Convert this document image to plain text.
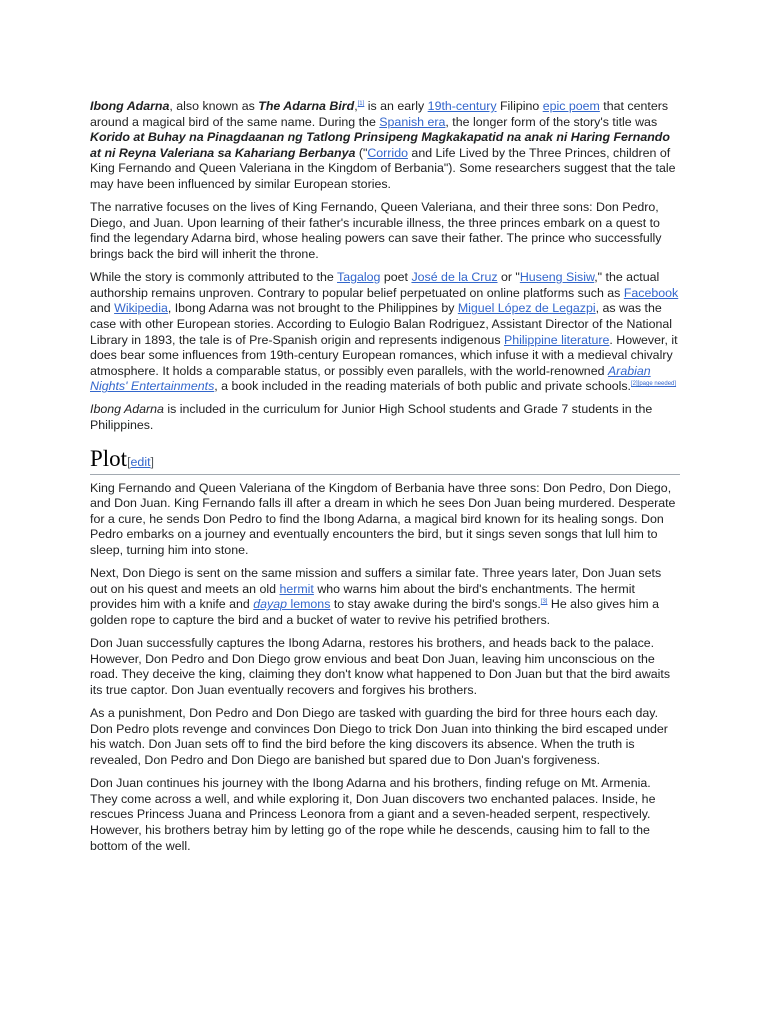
Ibong Adarna, also known as The Adarna Bird,[1] is an early 19th-century Filipino epic poem that centers around a magical bird of the same name. During the Spanish era, the longer form of the story's title was Korido at Buhay na Pinagdaanan ng Tatlong Prinsipeng Magkakapatid na anak ni Haring Fernando at ni Reyna Valeriana sa Kahariang Berbanya ("Corrido and Life Lived by the Three Princes, children of King Fernando and Queen Valeriana in the Kingdom of Berbania"). Some researchers suggest that the tale may have been influenced by similar European stories.

The narrative focuses on the lives of King Fernando, Queen Valeriana, and their three sons: Don Pedro, Diego, and Juan. Upon learning of their father's incurable illness, the three princes embark on a quest to find the legendary Adarna bird, whose healing powers can save their father. The prince who successfully brings back the bird will inherit the throne.

While the story is commonly attributed to the Tagalog poet José de la Cruz or "Huseng Sisiw," the actual authorship remains unproven. Contrary to popular belief perpetuated on online platforms such as Facebook and Wikipedia, Ibong Adarna was not brought to the Philippines by Miguel López de Legazpi, as was the case with other European stories. According to Eulogio Balan Rodriguez, Assistant Director of the National Library in 1893, the tale is of Pre-Spanish origin and represents indigenous Philippine literature. However, it does bear some influences from 19th-century European romances, which infuse it with a medieval chivalry atmosphere. It holds a comparable status, or possibly even parallels, with the world-renowned Arabian Nights' Entertainments, a book included in the reading materials of both public and private schools.[2][page needed]

Ibong Adarna is included in the curriculum for Junior High School students and Grade 7 students in the Philippines.

Plot [edit]

King Fernando and Queen Valeriana of the Kingdom of Berbania have three sons: Don Pedro, Don Diego, and Don Juan. King Fernando falls ill after a dream in which he sees Don Juan being murdered. Desperate for a cure, he sends Don Pedro to find the Ibong Adarna, a magical bird known for its healing songs. Don Pedro embarks on a journey and eventually encounters the bird, but it sings seven songs that lull him to sleep, turning him into stone.

Next, Don Diego is sent on the same mission and suffers a similar fate. Three years later, Don Juan sets out on his quest and meets an old hermit who warns him about the bird's enchantments. The hermit provides him with a knife and dayap lemons to stay awake during the bird's songs.[3] He also gives him a golden rope to capture the bird and a bucket of water to revive his petrified brothers.

Don Juan successfully captures the Ibong Adarna, restores his brothers, and heads back to the palace. However, Don Pedro and Don Diego grow envious and beat Don Juan, leaving him unconscious on the road. They deceive the king, claiming they don't know what happened to Don Juan but that the bird awaits its true captor. Don Juan eventually recovers and forgives his brothers.

As a punishment, Don Pedro and Don Diego are tasked with guarding the bird for three hours each day. Don Pedro plots revenge and convinces Don Diego to trick Don Juan into thinking the bird escaped under his watch. Don Juan sets off to find the bird before the king discovers its absence. When the truth is revealed, Don Pedro and Don Diego are banished but spared due to Don Juan's forgiveness.

Don Juan continues his journey with the Ibong Adarna and his brothers, finding refuge on Mt. Armenia. They come across a well, and while exploring it, Don Juan discovers two enchanted palaces. Inside, he rescues Princess Juana and Princess Leonora from a giant and a seven-headed serpent, respectively. However, his brothers betray him by letting go of the rope while he descends, causing him to fall to the bottom of the well.
